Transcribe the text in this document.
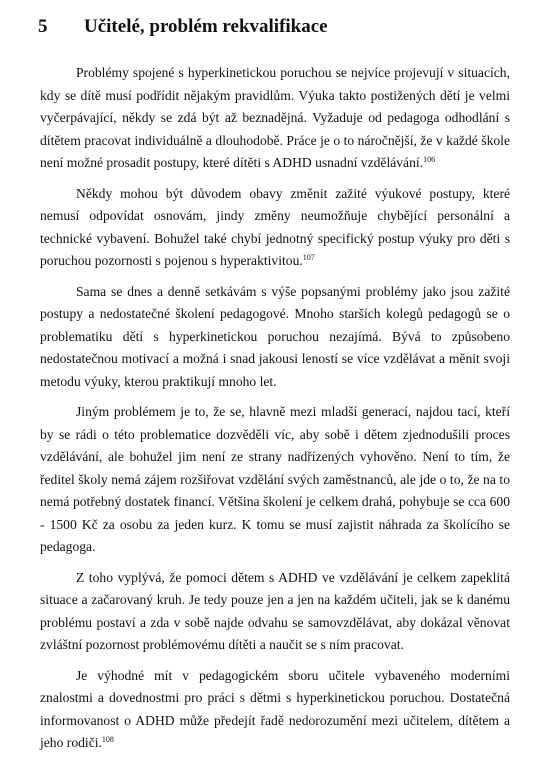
5 Učitelé, problém rekvalifikace

Problémy spojené s hyperkinetickou poruchou se nejvíce projevují v situacích, kdy se dítě musí podřídit nějakým pravidlům. Výuka takto postižených dětí je velmi vyčerpávající, někdy se zdá být až beznadějná. Vyžaduje od pedagoga odhodlání s dítětem pracovat individuálně a dlouhodobě. Práce je o to náročnější, že v každé škole není možné prosadit postupy, které dítěti s ADHD usnadní vzdělávání.$^{106}$

Někdy mohou být důvodem obavy změnit zažité výukové postupy, které nemusí odpovídat osnovám, jindy změny neumožňuje chybějící personální a technické vybavení. Bohužel také chybí jednotný specifický postup výuky pro děti s poruchou pozornosti s pojenou s hyperaktivitou.$^{107}$

Sama se dnes a denně setkávám s výše popsanými problémy jako jsou zažité postupy a nedostatečné školení pedagogové. Mnoho starších kolegů pedagogů se o problematiku dětí s hyperkinetickou poruchou nezajímá. Bývá to způsobeno nedostatečnou motivací a možná i snad jakousi leností se více vzdělávat a měnit svoji metodu výuky, kterou praktikují mnoho let.

Jiným problémem je to, že se, hlavně mezi mladší generací, najdou tací, kteří by se rádi o této problematice dozvěděli víc, aby sobě i dětem zjednodušili proces vzdělávání, ale bohužel jim není ze strany nadřízených vyhověno. Není to tím, že ředitel školy nemá zájem rozšiřovat vzdělání svých zaměstnanců, ale jde o to, že na to nemá potřebný dostatek financí. Většina školení je celkem drahá, pohybuje se cca 600 - 1500 Kč za osobu za jeden kurz. K tomu se musí zajistit náhrada za školícího se pedagoga.

Z toho vyplývá, že pomoci dětem s ADHD ve vzdělávání je celkem zapeklitá situace a začarovaný kruh. Je tedy pouze jen a jen na každém učiteli, jak se k danému problému postaví a zda v sobě najde odvahu se samovzdělávat, aby dokázal věnovat zvláštní pozornost problémovému dítěti a naučit se s ním pracovat.

Je výhodné mít v pedagogickém sboru učitele vybaveného moderními znalostmi a dovednostmi pro práci s dětmi s hyperkinetickou poruchou. Dostatečná informovanost o ADHD může předejít řadě nedorozumění mezi učitelem, dítětem a jeho rodiči.$^{108}$
